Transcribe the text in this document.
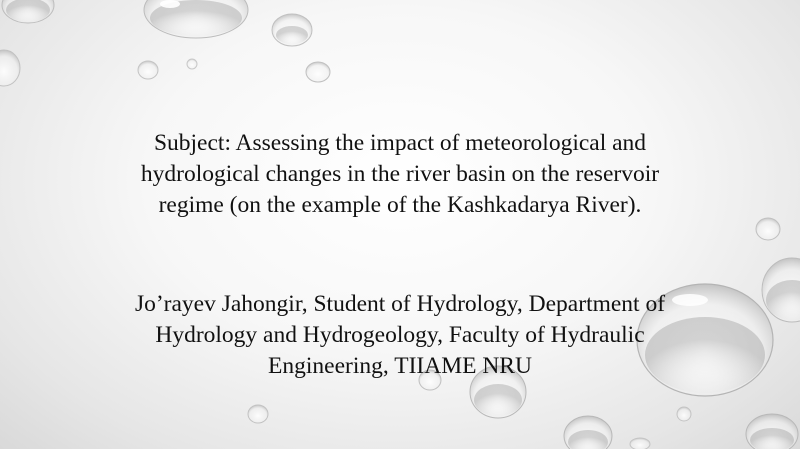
Subject: Assessing the impact of meteorological and
hydrological changes in the river basin on the reservoir
regime (on the example of the Kashkadarya River).
Jo’rayev Jahongir, Student of Hydrology, Department of
Hydrology and Hydrogeology, Faculty of Hydraulic
Engineering, TIIAME NRU
